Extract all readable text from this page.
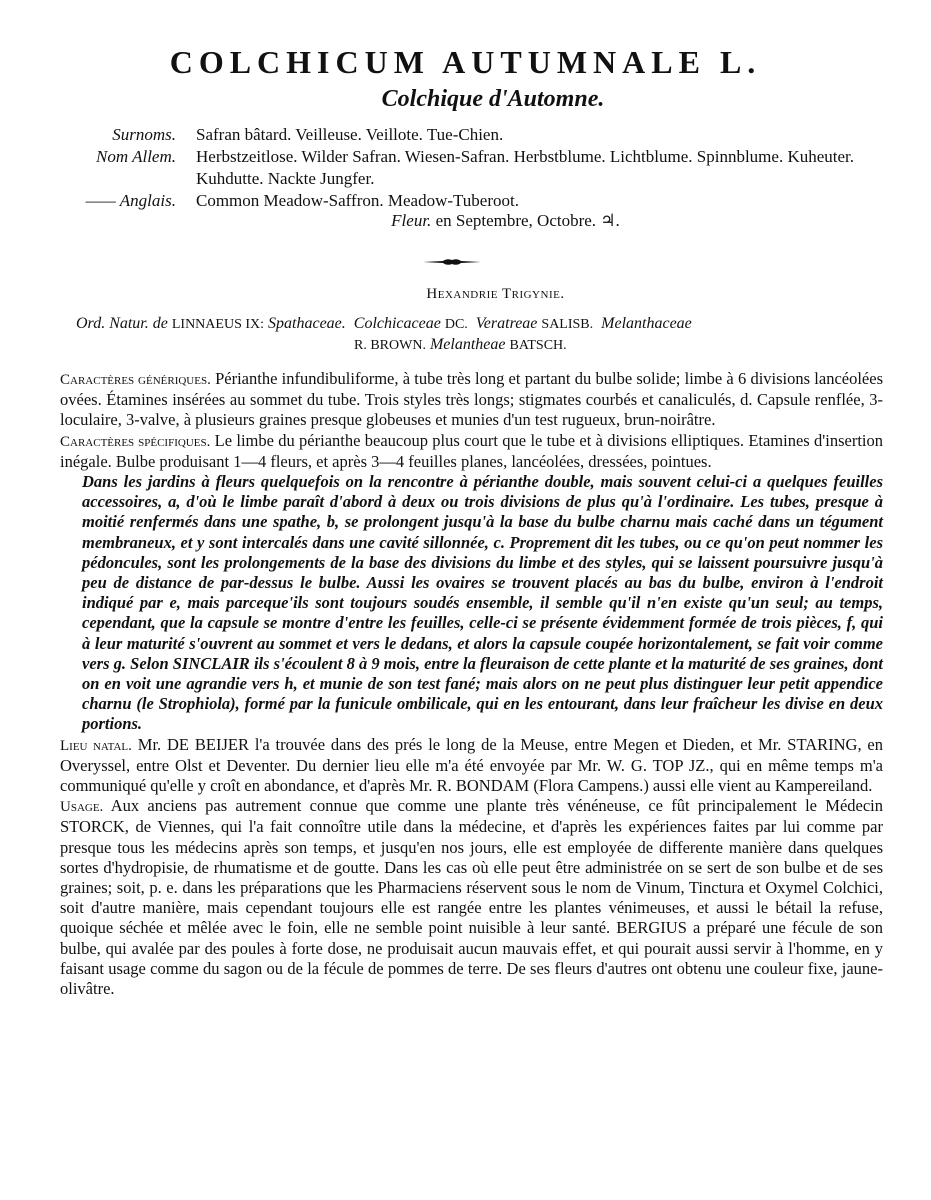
COLCHICUM AUTUMNALE L.
Colchique d'Automne.
Surnoms. Safran bâtard. Veilleuse. Veillote. Tue-Chien.
Nom Allem. Herbstzeitlose. Wilder Safran. Wiesen-Safran. Herbstblume. Lichtblume. Spinnblume. Kuheuter. Kuhdutte. Nackte Jungfer.
—— Anglais. Common Meadow-Saffron. Meadow-Tuberoot.
Fleur. en Septembre, Octobre. ♃.
Hexandrie Trigynie.
Ord. Natur. de LINNAEUS IX: Spathaceae. Colchicaceae DC. Veratreae SALISB. Melanthaceae
R. BROWN. Melantheae BATSCH.

Caractères génériques. Périanthe infundibuliforme, à tube très long et partant du bulbe solide; limbe à 6 divisions lancéolées ovées. Étamines insérées au sommet du tube. Trois styles très longs; stigmates courbés et canaliculés, d. Capsule renflée, 3-loculaire, 3-valve, à plusieurs graines presque globeuses et munies d'un test rugueux, brun-noirâtre.

Caractères spécifiques. Le limbe du périanthe beaucoup plus court que le tube et à divisions elliptiques. Etamines d'insertion inégale. Bulbe produisant 1—4 fleurs, et après 3—4 feuilles planes, lancéolées, dressées, pointues.

Dans les jardins à fleurs quelquefois on la rencontre à périanthe double, mais souvent celui-ci a quelques feuilles accessoires, a, d'où le limbe paraît d'abord à deux ou trois divisions de plus qu'à l'ordinaire. Les tubes, presque à moitié renfermés dans une spathe, b, se prolongent jusqu'à la base du bulbe charnu mais caché dans un tégument membraneux, et y sont intercalés dans une cavité sillonnée, c. Proprement dit les tubes, ou ce qu'on peut nommer les pédoncules, sont les prolongements de la base des divisions du limbe et des styles, qui se laissent poursuivre jusqu'à peu de distance de par-dessus le bulbe. Aussi les ovaires se trouvent placés au bas du bulbe, environ à l'endroit indiqué par e, mais parceque'ils sont toujours soudés ensemble, il semble qu'il n'en existe qu'un seul; au temps, cependant, que la capsule se montre d'entre les feuilles, celle-ci se présente évidemment formée de trois pièces, f, qui à leur maturité s'ouvrent au sommet et vers le dedans, et alors la capsule coupée horizontalement, se fait voir comme vers g. Selon SINCLAIR ils s'écoulent 8 à 9 mois, entre la fleuraison de cette plante et la maturité de ses graines, dont on en voit une agrandie vers h, et munie de son test fané; mais alors on ne peut plus distinguer leur petit appendice charnu (le Strophiola), formé par la funicule ombilicale, qui en les entourant, dans leur fraîcheur les divise en deux portions.

Lieu natal. Mr. DE BEIJER l'a trouvée dans des prés le long de la Meuse, entre Megen et Dieden, et Mr. STARING, en Overyssel, entre Olst et Deventer. Du dernier lieu elle m'a été envoyée par Mr. W. G. TOP JZ., qui en même temps m'a communiqué qu'elle y croît en abondance, et d'après Mr. R. BONDAM (Flora Campens.) aussi elle vient au Kampereiland.

Usage. Aux anciens pas autrement connue que comme une plante très vénéneuse, ce fût principalement le Médecin STORCK, de Viennes, qui l'a fait connoître utile dans la médecine, et d'après les expériences faites par lui comme par presque tous les médecins après son temps, et jusqu'en nos jours, elle est employée de differente manière dans quelques sortes d'hydropisie, de rhumatisme et de goutte. Dans les cas où elle peut être administrée on se sert de son bulbe et de ses graines; soit, p. e. dans les préparations que les Pharmaciens réservent sous le nom de Vinum, Tinctura et Oxymel Colchici, soit d'autre manière, mais cependant toujours elle est rangée entre les plantes vénimeuses, et aussi le bétail la refuse, quoique séchée et mêlée avec le foin, elle ne semble point nuisible à leur santé. BERGIUS a préparé une fécule de son bulbe, qui avalée par des poules à forte dose, ne produisait aucun mauvais effet, et qui pourait aussi servir à l'homme, en y faisant usage comme du sagon ou de la fécule de pommes de terre. De ses fleurs d'autres ont obtenu une couleur fixe, jaune-olivâtre.
